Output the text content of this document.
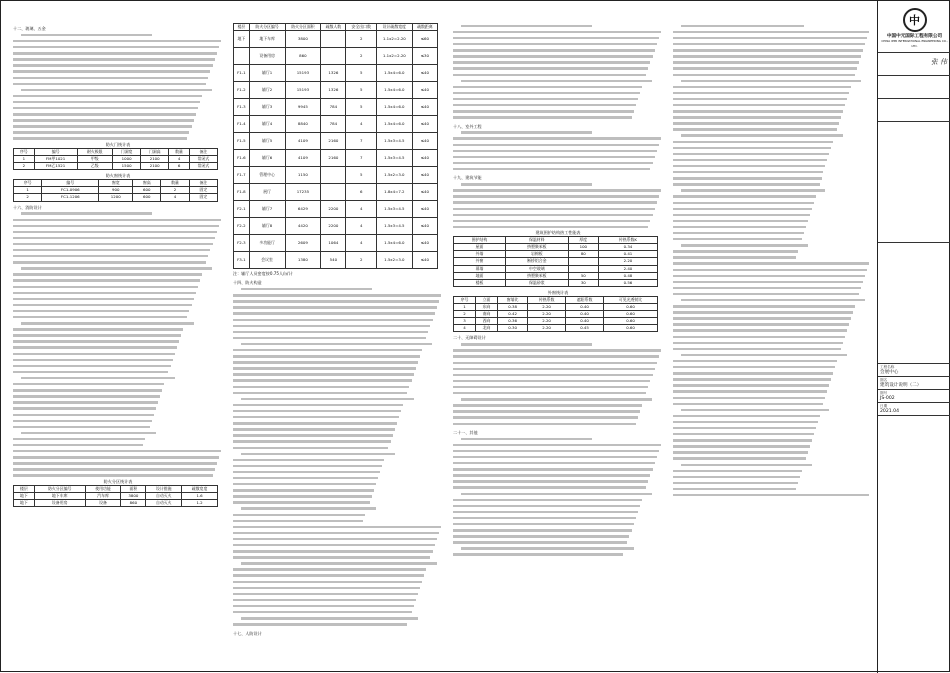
十二、玻璃、五金

防火门统计表

序号	编号	耐火极限	门洞宽	门洞高	数量	备注
1	FM甲1021	甲级	1000	2100	4	常闭式
2	FM乙1521	乙级	1500	2100	6	常闭式

防火窗统计表

序号	编号	窗宽	窗高	数量	备注
1	FC1-0906	900	600	2	固定
2	FC1-1206	1200	600	4	固定

十六、消防设计

防火分区统计表

楼层	防火分区编号	使用功能	面积	设计措施	疏散宽度
地下	地下车库	汽车库	3800	自动灭火	1.6
地下	设备用房	设备	860	自动灭火	1.2
楼层	防火分区编号	防火分区面积	疏散人数	安全出口数	设计疏散宽度	疏散距离
地下	地下车库	3800		2	1.1x2=2.20	≤60
	设备用房	860		2	1.1x2=2.20	≤30
F1-1	辅厅1	15193	1326	5	1.5x4=6.0	≤40
F1-2	辅厅2	15193	1326	5	1.5x4=6.0	≤40
F1-3	辅厅3	9945	784	5	1.5x4=6.0	≤40
F1-4	辅厅4	8840	784	4	1.5x4=6.0	≤40
F1-5	辅厅5	4109	2160	7	1.5x3=4.5	≤40
F1-6	辅厅6	4109	2160	7	1.5x3=4.5	≤40
F1-7	管理中心	1150		5	1.5x2=3.0	≤40
F1-8	展厅	17235		6	1.8x4=7.2	≤40
F2-1	辅厅7	6429	2200	4	1.5x3=4.5	≤40
F2-2	辅厅8	4420	2200	4	1.5x3=4.5	≤40
F2-3	多功能厅	2609	1064	4	1.5x4=6.0	≤40
F3-1	会议室	1380	540	2	1.5x2=3.0	≤40

注：辅厅人员密度按0.75人/㎡计

十四、防火构造

十七、人防设计

十八、室外工程

十九、建筑节能

建筑围护结构热工性能表

围护结构	保温材料	厚度	传热系数K
屋面	挤塑聚苯板	100	0.34
外墙	岩棉板	80	0.41
外窗	断桥铝合金		2.20
幕墙	中空玻璃		2.40
地面	挤塑聚苯板	50	0.48
楼板	保温砂浆	30	0.56

外窗统计表

序号	立面	窗墙比	传热系数	遮阳系数	可见光透射比
1	东向	0.38	2.20	0.40	0.60
2	南向	0.42	2.20	0.40	0.60
3	西向	0.36	2.20	0.40	0.60
4	北向	0.30	2.20	0.45	0.60

二十、无障碍设计

二十一、其他

中
中国中元国际工程有限公司
CHINA IPPR INTERNATIONAL ENGINEERING CO., LTD.
张 伟
工程名称
会展中心
图名
建筑设计说明（二）
图号
JS-002
日期
2021.04
